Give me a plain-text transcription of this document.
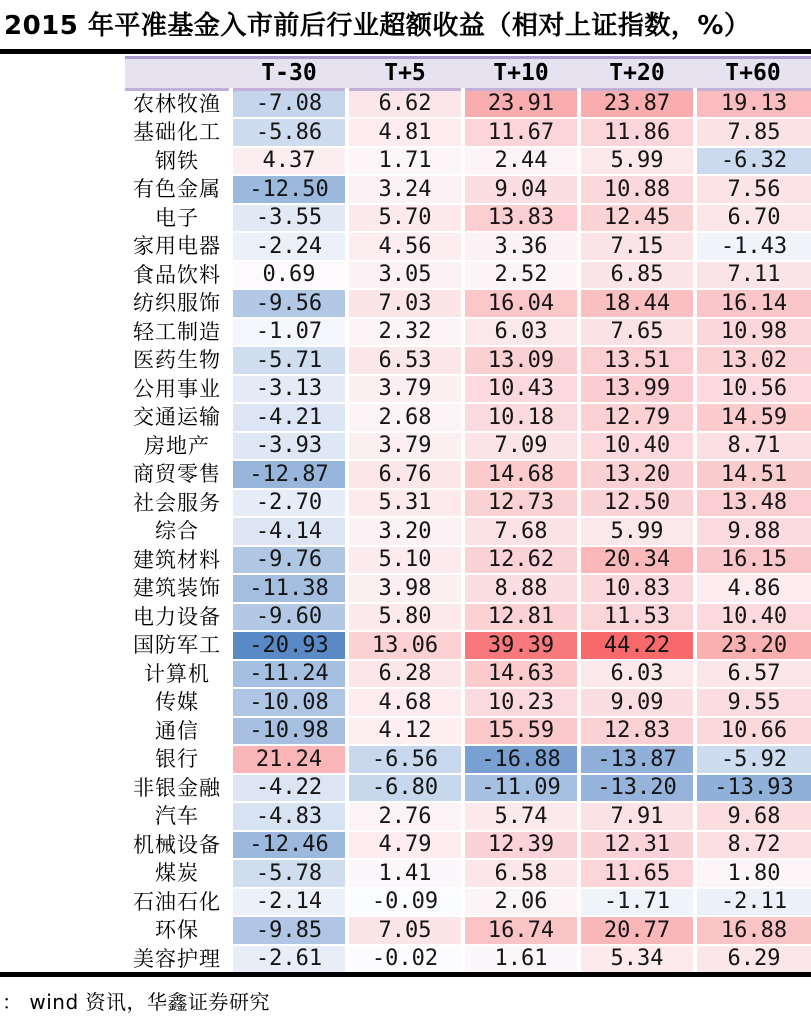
2015 年平准基金入市前后行业超额收益（相对上证指数，%）
	T-30	T+5	T+10	T+20	T+60
农林牧渔	-7.08	6.62	23.91	23.87	19.13
基础化工	-5.86	4.81	11.67	11.86	7.85
钢铁	4.37	1.71	2.44	5.99	-6.32
有色金属	-12.50	3.24	9.04	10.88	7.56
电子	-3.55	5.70	13.83	12.45	6.70
家用电器	-2.24	4.56	3.36	7.15	-1.43
食品饮料	0.69	3.05	2.52	6.85	7.11
纺织服饰	-9.56	7.03	16.04	18.44	16.14
轻工制造	-1.07	2.32	6.03	7.65	10.98
医药生物	-5.71	6.53	13.09	13.51	13.02
公用事业	-3.13	3.79	10.43	13.99	10.56
交通运输	-4.21	2.68	10.18	12.79	14.59
房地产	-3.93	3.79	7.09	10.40	8.71
商贸零售	-12.87	6.76	14.68	13.20	14.51
社会服务	-2.70	5.31	12.73	12.50	13.48
综合	-4.14	3.20	7.68	5.99	9.88
建筑材料	-9.76	5.10	12.62	20.34	16.15
建筑装饰	-11.38	3.98	8.88	10.83	4.86
电力设备	-9.60	5.80	12.81	11.53	10.40
国防军工	-20.93	13.06	39.39	44.22	23.20
计算机	-11.24	6.28	14.63	6.03	6.57
传媒	-10.08	4.68	10.23	9.09	9.55
通信	-10.98	4.12	15.59	12.83	10.66
银行	21.24	-6.56	-16.88	-13.87	-5.92
非银金融	-4.22	-6.80	-11.09	-13.20	-13.93
汽车	-4.83	2.76	5.74	7.91	9.68
机械设备	-12.46	4.79	12.39	12.31	8.72
煤炭	-5.78	1.41	6.58	11.65	1.80
石油石化	-2.14	-0.09	2.06	-1.71	-2.11
环保	-9.85	7.05	16.74	20.77	16.88
美容护理	-2.61	-0.02	1.61	5.34	6.29
： wind 资讯，华鑫证券研究
